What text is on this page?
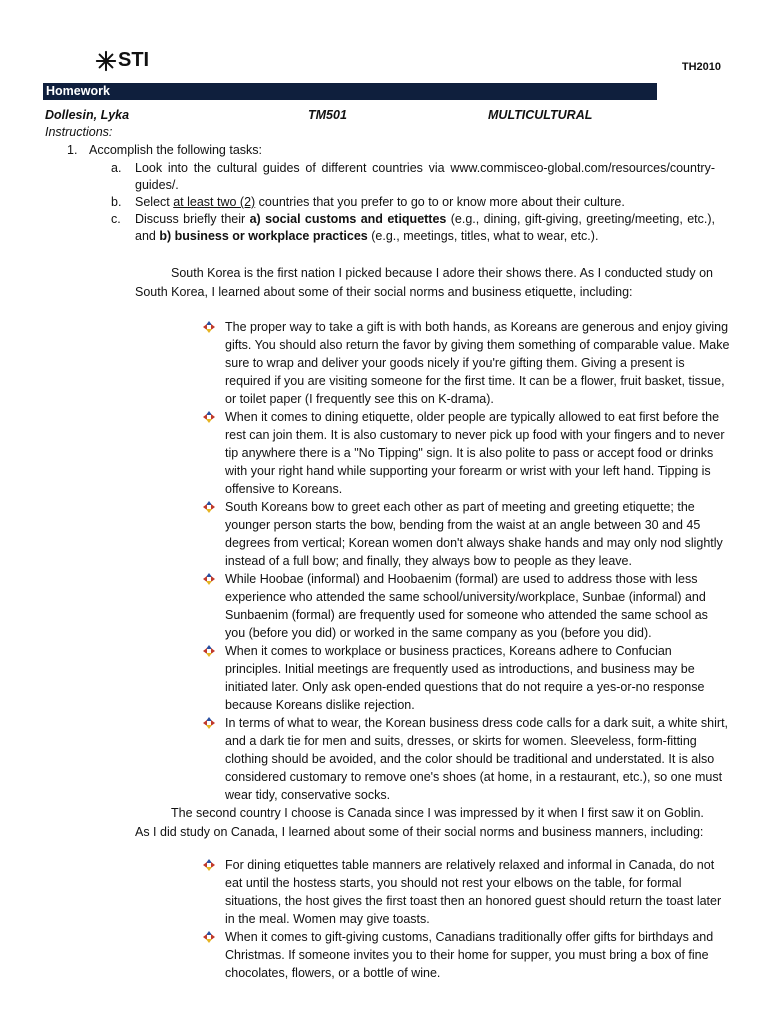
STI	TH2010
Homework
Dollesin, Lyka	TM501	MULTICULTURAL
Instructions:
1. Accomplish the following tasks:
a. Look into the cultural guides of different countries via www.commisceo-global.com/resources/country-guides/.
b. Select at least two (2) countries that you prefer to go to or know more about their culture.
c. Discuss briefly their a) social customs and etiquettes (e.g., dining, gift-giving, greeting/meeting, etc.), and b) business or workplace practices (e.g., meetings, titles, what to wear, etc.).
South Korea is the first nation I picked because I adore their shows there. As I conducted study on South Korea, I learned about some of their social norms and business etiquette, including:
The proper way to take a gift is with both hands, as Koreans are generous and enjoy giving gifts. You should also return the favor by giving them something of comparable value. Make sure to wrap and deliver your goods nicely if you're gifting them. Giving a present is required if you are visiting someone for the first time. It can be a flower, fruit basket, tissue, or toilet paper (I frequently see this on K-drama).
When it comes to dining etiquette, older people are typically allowed to eat first before the rest can join them. It is also customary to never pick up food with your fingers and to never tip anywhere there is a "No Tipping" sign. It is also polite to pass or accept food or drinks with your right hand while supporting your forearm or wrist with your left hand. Tipping is offensive to Koreans.
South Koreans bow to greet each other as part of meeting and greeting etiquette; the younger person starts the bow, bending from the waist at an angle between 30 and 45 degrees from vertical; Korean women don't always shake hands and may only nod slightly instead of a full bow; and finally, they always bow to people as they leave.
While Hoobae (informal) and Hoobaenim (formal) are used to address those with less experience who attended the same school/university/workplace, Sunbae (informal) and Sunbaenim (formal) are frequently used for someone who attended the same school as you (before you did) or worked in the same company as you (before you did).
When it comes to workplace or business practices, Koreans adhere to Confucian principles. Initial meetings are frequently used as introductions, and business may be initiated later. Only ask open-ended questions that do not require a yes-or-no response because Koreans dislike rejection.
In terms of what to wear, the Korean business dress code calls for a dark suit, a white shirt, and a dark tie for men and suits, dresses, or skirts for women. Sleeveless, form-fitting clothing should be avoided, and the color should be traditional and understated. It is also considered customary to remove one's shoes (at home, in a restaurant, etc.), so one must wear tidy, conservative socks.
The second country I choose is Canada since I was impressed by it when I first saw it on Goblin.
As I did study on Canada, I learned about some of their social norms and business manners, including:
For dining etiquettes table manners are relatively relaxed and informal in Canada, do not eat until the hostess starts, you should not rest your elbows on the table, for formal situations, the host gives the first toast then an honored guest should return the toast later in the meal. Women may give toasts.
When it comes to gift-giving customs, Canadians traditionally offer gifts for birthdays and Christmas. If someone invites you to their home for supper, you must bring a box of fine chocolates, flowers, or a bottle of wine.
